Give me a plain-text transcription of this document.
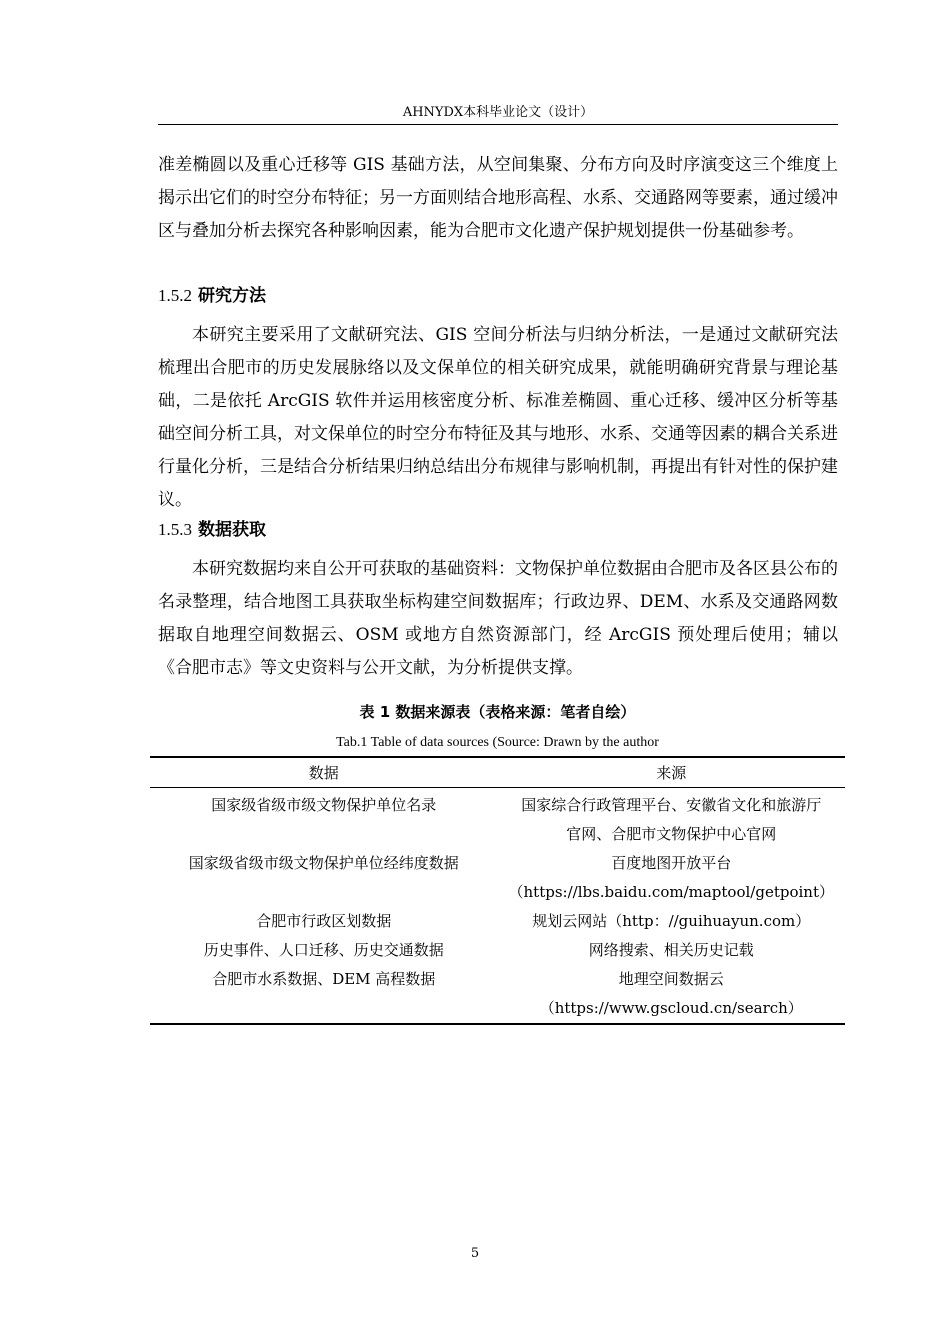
AHNYDX本科毕业论文（设计）

准差椭圆以及重心迁移等 GIS 基础方法，从空间集聚、分布方向及时序演变这三个维度上揭示出它们的时空分布特征；另一方面则结合地形高程、水系、交通路网等要素，通过缓冲区与叠加分析去探究各种影响因素，能为合肥市文化遗产保护规划提供一份基础参考。

1.5.2 研究方法

本研究主要采用了文献研究法、GIS 空间分析法与归纳分析法，一是通过文献研究法梳理出合肥市的历史发展脉络以及文保单位的相关研究成果，就能明确研究背景与理论基础，二是依托 ArcGIS 软件并运用核密度分析、标准差椭圆、重心迁移、缓冲区分析等基础空间分析工具，对文保单位的时空分布特征及其与地形、水系、交通等因素的耦合关系进行量化分析，三是结合分析结果归纳总结出分布规律与影响机制，再提出有针对性的保护建议。

1.5.3 数据获取

本研究数据均来自公开可获取的基础资料：文物保护单位数据由合肥市及各区县公布的名录整理，结合地图工具获取坐标构建空间数据库；行政边界、DEM、水系及交通路网数据取自地理空间数据云、OSM 或地方自然资源部门，经 ArcGIS 预处理后使用；辅以《合肥市志》等文史资料与公开文献，为分析提供支撑。

表 1 数据来源表（表格来源：笔者自绘）
Tab.1 Table of data sources (Source: Drawn by the author
数据	来源

国家级省级市级文物保护单位名录	国家综合行政管理平台、安徽省文化和旅游厅
官网、合肥市文物保护中心官网

国家级省级市级文物保护单位经纬度数据	百度地图开放平台
（https://lbs.baidu.com/maptool/getpoint）

合肥市行政区划数据	规划云网站（http：//guihuayun.com）

历史事件、人口迁移、历史交通数据	网络搜索、相关历史记载

合肥市水系数据、DEM 高程数据	地理空间数据云
（https://www.gscloud.cn/search）
5
